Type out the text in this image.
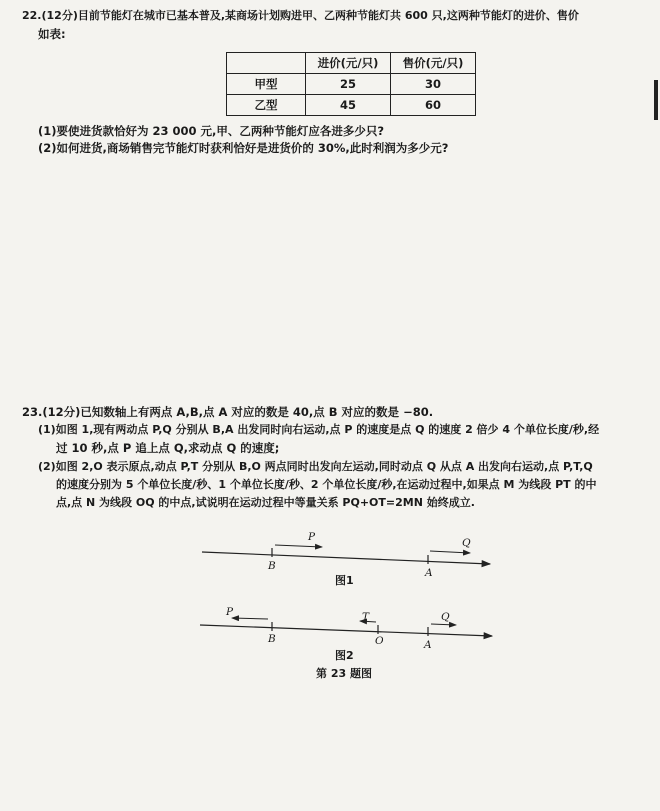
22.(12分)目前节能灯在城市已基本普及,某商场计划购进甲、乙两种节能灯共 600 只,这两种节能灯的进价、售价
如表:
	进价(元/只)	售价(元/只)
甲型	25	30
乙型	45	60
(1)要使进货款恰好为 23 000 元,甲、乙两种节能灯应各进多少只?
(2)如何进货,商场销售完节能灯时获利恰好是进货价的 30%,此时利润为多少元?
23.(12分)已知数轴上有两点 A,B,点 A 对应的数是 40,点 B 对应的数是 −80.
(1)如图 1,现有两动点 P,Q 分别从 B,A 出发同时向右运动,点 P 的速度是点 Q 的速度 2 倍少 4 个单位长度/秒,经
过 10 秒,点 P 追上点 Q,求动点 Q 的速度;
(2)如图 2,O 表示原点,动点 P,T 分别从 B,O 两点同时出发向左运动,同时动点 Q 从点 A 出发向右运动,点 P,T,Q
的速度分别为 5 个单位长度/秒、1 个单位长度/秒、2 个单位长度/秒,在运动过程中,如果点 M 为线段 PT 的中
点,点 N 为线段 OQ 的中点,试说明在运动过程中等量关系 PQ+OT=2MN 始终成立.
P
B
Q
A
图1
P
B
T
O
Q
A
图2
第 23 题图
